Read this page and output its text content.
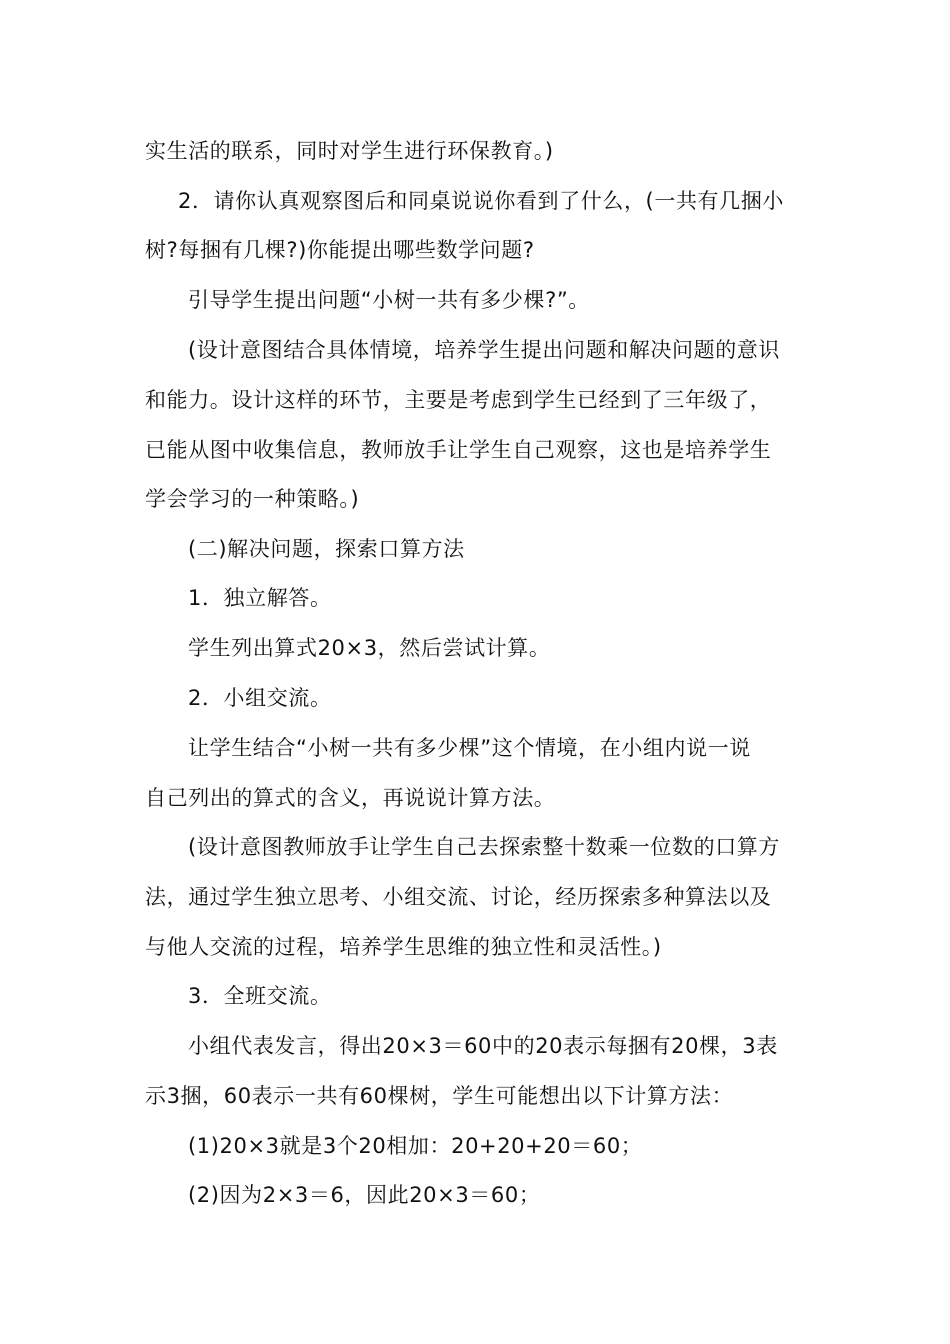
实生活的联系，同时对学生进行环保教育。)
2．请你认真观察图后和同桌说说你看到了什么，(一共有几捆小
树?每捆有几棵?)你能提出哪些数学问题?
引导学生提出问题“小树一共有多少棵?”。
(设计意图结合具体情境，培养学生提出问题和解决问题的意识
和能力。设计这样的环节，主要是考虑到学生已经到了三年级了，
已能从图中收集信息，教师放手让学生自己观察，这也是培养学生
学会学习的一种策略。)
(二)解决问题，探索口算方法
1．独立解答。
学生列出算式20×3，然后尝试计算。
2．小组交流。
让学生结合“小树一共有多少棵”这个情境，在小组内说一说
自己列出的算式的含义，再说说计算方法。
(设计意图教师放手让学生自己去探索整十数乘一位数的口算方
法，通过学生独立思考、小组交流、讨论，经历探索多种算法以及
与他人交流的过程，培养学生思维的独立性和灵活性。)
3．全班交流。
小组代表发言，得出20×3＝60中的20表示每捆有20棵，3表
示3捆，60表示一共有60棵树，学生可能想出以下计算方法：
(1)20×3就是3个20相加：20+20+20＝60；
(2)因为2×3＝6，因此20×3＝60；
